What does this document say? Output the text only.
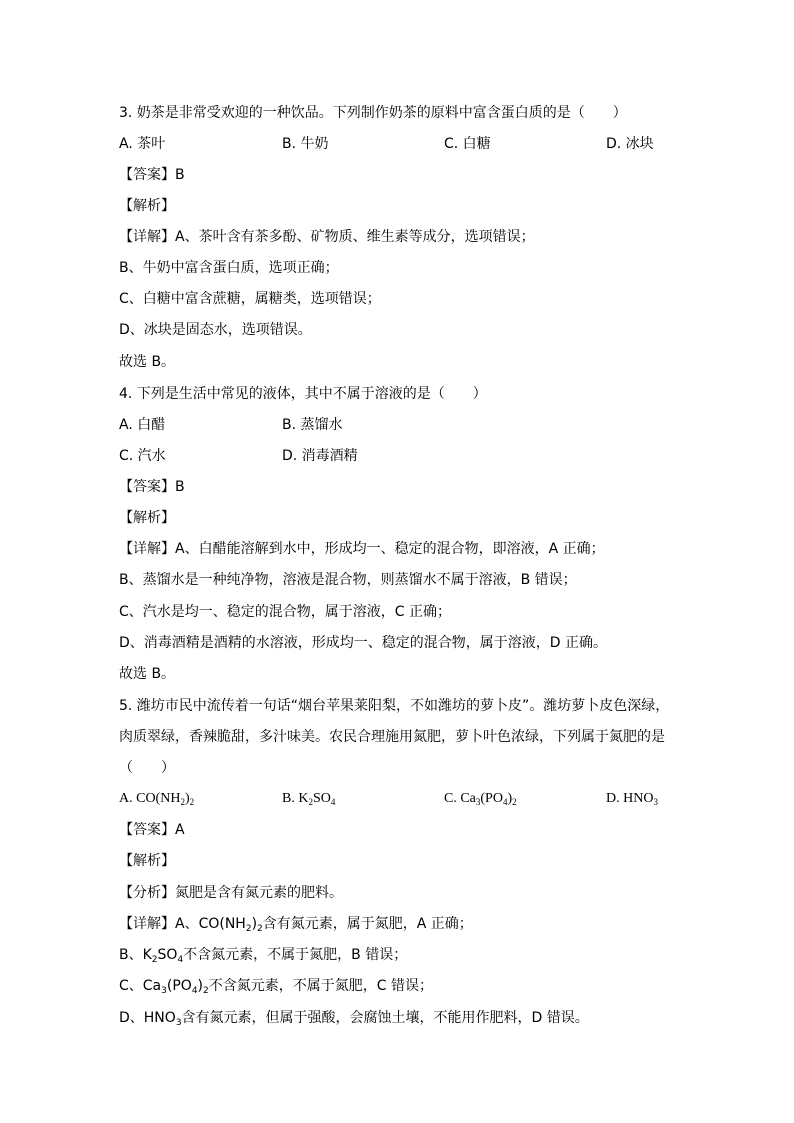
3. 奶茶是非常受欢迎的一种饮品。下列制作奶茶的原料中富含蛋白质的是（　　）
A. 茶叶	B. 牛奶	C. 白糖	D. 冰块
【答案】B
【解析】
【详解】A、茶叶含有茶多酚、矿物质、维生素等成分，选项错误；
B、牛奶中富含蛋白质，选项正确；
C、白糖中富含蔗糖，属糖类，选项错误；
D、冰块是固态水，选项错误。
故选 B。
4. 下列是生活中常见的液体，其中不属于溶液的是（　　）
A. 白醋	B. 蒸馏水
C. 汽水	D. 消毒酒精
【答案】B
【解析】
【详解】A、白醋能溶解到水中，形成均一、稳定的混合物，即溶液，A 正确；
B、蒸馏水是一种纯净物，溶液是混合物，则蒸馏水不属于溶液，B 错误；
C、汽水是均一、稳定的混合物，属于溶液，C 正确；
D、消毒酒精是酒精的水溶液，形成均一、稳定的混合物，属于溶液，D 正确。
故选 B。
5. 潍坊市民中流传着一句话“烟台苹果莱阳梨，不如潍坊的萝卜皮”。潍坊萝卜皮色深绿，
肉质翠绿，香辣脆甜，多汁味美。农民合理施用氮肥，萝卜叶色浓绿，下列属于氮肥的是
（　　）
A. $CO(NH_2)_2$	B. $K_2SO_4$	C. $Ca_3(PO_4)_2$	D. $HNO_3$
【答案】A
【解析】
【分析】氮肥是含有氮元素的肥料。
【详解】A、$CO(NH_2)_2$含有氮元素，属于氮肥，A 正确；
B、$K_2SO_4$不含氮元素，不属于氮肥，B 错误；
C、$Ca_3(PO_4)_2$不含氮元素，不属于氮肥，C 错误；
D、$HNO_3$含有氮元素，但属于强酸，会腐蚀土壤，不能用作肥料，D 错误。
